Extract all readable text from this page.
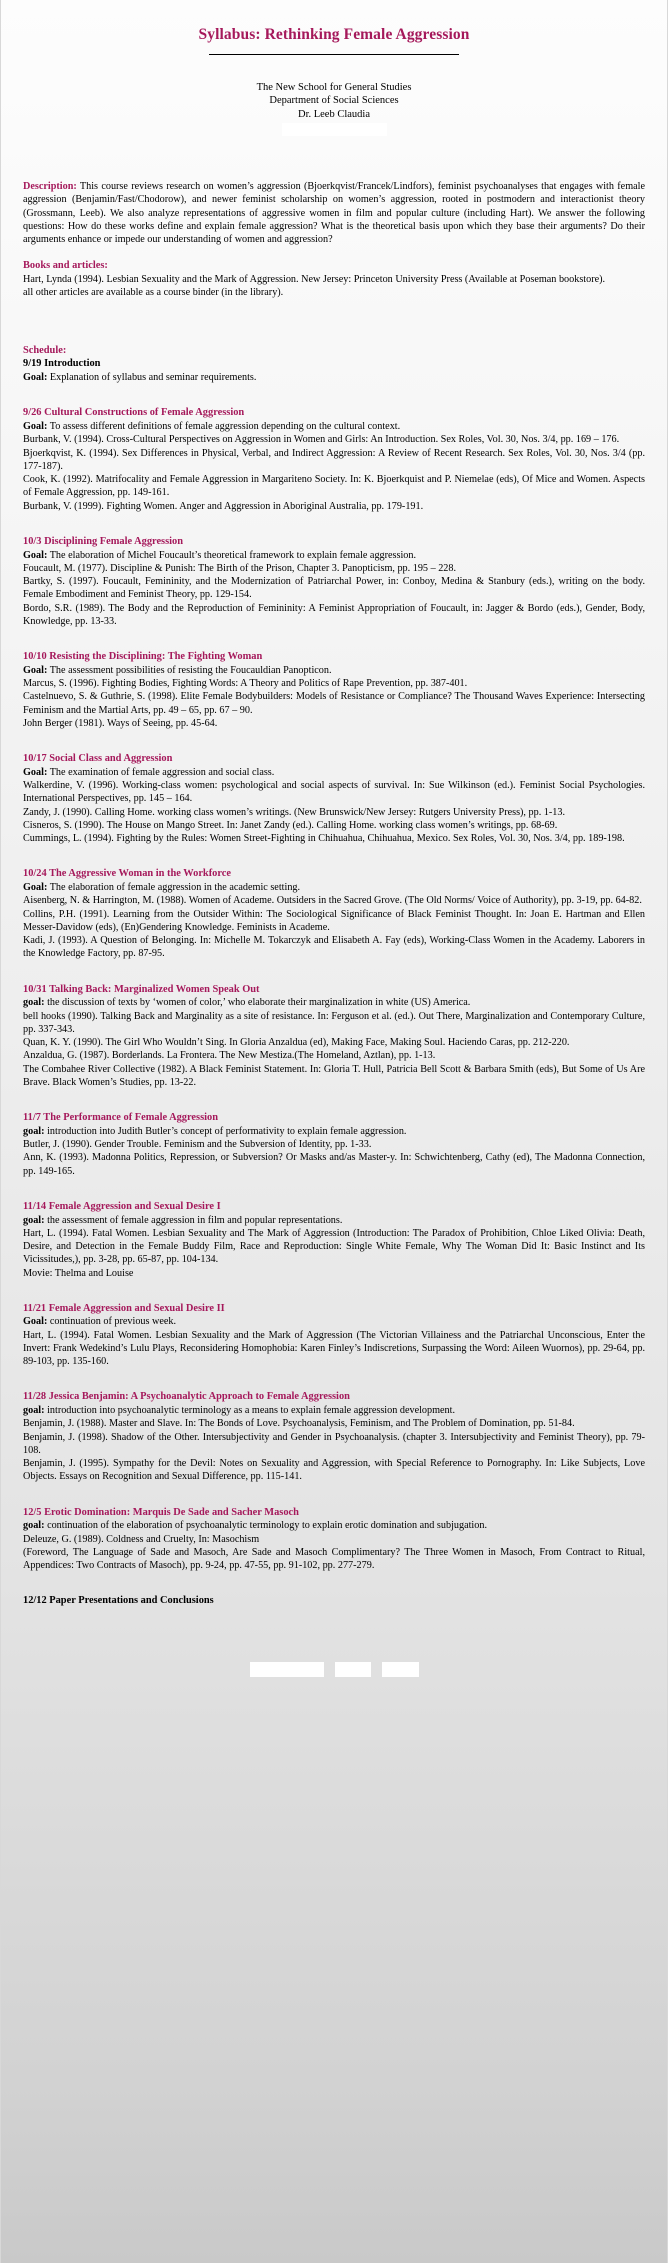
Syllabus: Rethinking Female Aggression
The New School for General Studies
Department of Social Sciences
Dr. Leeb Claudia

Description: This course reviews research on women’s aggression (Bjoerkqvist/Francek/Lindfors), feminist psychoanalyses that engages with female aggression (Benjamin/Fast/Chodorow), and newer feminist scholarship on women’s aggression, rooted in postmodern and interactionist theory (Grossmann, Leeb). We also analyze representations of aggressive women in film and popular culture (including Hart). We answer the following questions: How do these works define and explain female aggression? What is the theoretical basis upon which they base their arguments? Do their arguments enhance or impede our understanding of women and aggression?

Books and articles:

Hart, Lynda (1994). Lesbian Sexuality and the Mark of Aggression. New Jersey: Princeton University Press (Available at Poseman bookstore).

all other articles are available as a course binder (in the library).

Schedule:

9/19 Introduction

Goal: Explanation of syllabus and seminar requirements.

9/26 Cultural Constructions of Female Aggression

Goal: To assess different definitions of female aggression depending on the cultural context.

Burbank, V. (1994). Cross-Cultural Perspectives on Aggression in Women and Girls: An Introduction. Sex Roles, Vol. 30, Nos. 3/4, pp. 169 – 176.

Bjoerkqvist, K. (1994). Sex Differences in Physical, Verbal, and Indirect Aggression: A Review of Recent Research. Sex Roles, Vol. 30, Nos. 3/4 (pp. 177-187).

Cook, K. (1992). Matrifocality and Female Aggression in Margariteno Society. In: K. Bjoerkquist and P. Niemelae (eds), Of Mice and Women. Aspects of Female Aggression, pp. 149-161.

Burbank, V. (1999). Fighting Women. Anger and Aggression in Aboriginal Australia, pp. 179-191.

10/3 Disciplining Female Aggression

Goal: The elaboration of Michel Foucault’s theoretical framework to explain female aggression.

Foucault, M. (1977). Discipline & Punish: The Birth of the Prison, Chapter 3. Panopticism, pp. 195 – 228.

Bartky, S. (1997). Foucault, Femininity, and the Modernization of Patriarchal Power, in: Conboy, Medina & Stanbury (eds.), writing on the body. Female Embodiment and Feminist Theory, pp. 129-154.

Bordo, S.R. (1989). The Body and the Reproduction of Femininity: A Feminist Appropriation of Foucault, in: Jagger & Bordo (eds.), Gender, Body, Knowledge, pp. 13-33.

10/10 Resisting the Disciplining: The Fighting Woman

Goal: The assessment possibilities of resisting the Foucauldian Panopticon.

Marcus, S. (1996). Fighting Bodies, Fighting Words: A Theory and Politics of Rape Prevention, pp. 387-401.

Castelnuevo, S. & Guthrie, S. (1998). Elite Female Bodybuilders: Models of Resistance or Compliance? The Thousand Waves Experience: Intersecting Feminism and the Martial Arts, pp. 49 – 65, pp. 67 – 90.

John Berger (1981). Ways of Seeing, pp. 45-64.

10/17 Social Class and Aggression

Goal: The examination of female aggression and social class.

Walkerdine, V. (1996). Working-class women: psychological and social aspects of survival. In: Sue Wilkinson (ed.). Feminist Social Psychologies. International Perspectives, pp. 145 – 164.

Zandy, J. (1990). Calling Home. working class women’s writings. (New Brunswick/New Jersey: Rutgers University Press), pp. 1-13.

Cisneros, S. (1990). The House on Mango Street. In: Janet Zandy (ed.). Calling Home. working class women’s writings, pp. 68-69.

Cummings, L. (1994). Fighting by the Rules: Women Street-Fighting in Chihuahua, Chihuahua, Mexico. Sex Roles, Vol. 30, Nos. 3/4, pp. 189-198.

10/24 The Aggressive Woman in the Workforce

Goal: The elaboration of female aggression in the academic setting.

Aisenberg, N. & Harrington, M. (1988). Women of Academe. Outsiders in the Sacred Grove. (The Old Norms/ Voice of Authority), pp. 3-19, pp. 64-82.

Collins, P.H. (1991). Learning from the Outsider Within: The Sociological Significance of Black Feminist Thought. In: Joan E. Hartman and Ellen Messer-Davidow (eds), (En)Gendering Knowledge. Feminists in Academe.

Kadi, J. (1993). A Question of Belonging. In: Michelle M. Tokarczyk and Elisabeth A. Fay (eds), Working-Class Women in the Academy. Laborers in the Knowledge Factory, pp. 87-95.

10/31 Talking Back: Marginalized Women Speak Out

goal: the discussion of texts by ‘women of color,’ who elaborate their marginalization in white (US) America.

bell hooks (1990). Talking Back and Marginality as a site of resistance. In: Ferguson et al. (ed.). Out There, Marginalization and Contemporary Culture, pp. 337-343.

Quan, K. Y. (1990). The Girl Who Wouldn’t Sing. In Gloria Anzaldua (ed), Making Face, Making Soul. Haciendo Caras, pp. 212-220.

Anzaldua, G. (1987). Borderlands. La Frontera. The New Mestiza.(The Homeland, Aztlan), pp. 1-13.

The Combahee River Collective (1982). A Black Feminist Statement. In: Gloria T. Hull, Patricia Bell Scott & Barbara Smith (eds), But Some of Us Are Brave. Black Women’s Studies, pp. 13-22.

11/7 The Performance of Female Aggression

goal: introduction into Judith Butler’s concept of performativity to explain female aggression.

Butler, J. (1990). Gender Trouble. Feminism and the Subversion of Identity, pp. 1-33.

Ann, K. (1993). Madonna Politics, Repression, or Subversion? Or Masks and/as Master-y. In: Schwichtenberg, Cathy (ed), The Madonna Connection, pp. 149-165.

11/14 Female Aggression and Sexual Desire I

goal: the assessment of female aggression in film and popular representations.

Hart, L. (1994). Fatal Women. Lesbian Sexuality and The Mark of Aggression (Introduction: The Paradox of Prohibition, Chloe Liked Olivia: Death, Desire, and Detection in the Female Buddy Film, Race and Reproduction: Single White Female, Why The Woman Did It: Basic Instinct and Its Vicissitudes,), pp. 3-28, pp. 65-87, pp. 104-134.

Movie: Thelma and Louise

11/21 Female Aggression and Sexual Desire II

Goal: continuation of previous week.

Hart, L. (1994). Fatal Women. Lesbian Sexuality and the Mark of Aggression (The Victorian Villainess and the Patriarchal Unconscious, Enter the Invert: Frank Wedekind’s Lulu Plays, Reconsidering Homophobia: Karen Finley’s Indiscretions, Surpassing the Word: Aileen Wuornos), pp. 29-64, pp. 89-103, pp. 135-160.

11/28 Jessica Benjamin: A Psychoanalytic Approach to Female Aggression

goal: introduction into psychoanalytic terminology as a means to explain female aggression development.

Benjamin, J. (1988). Master and Slave. In: The Bonds of Love. Psychoanalysis, Feminism, and The Problem of Domination, pp. 51-84.

Benjamin, J. (1998). Shadow of the Other. Intersubjectivity and Gender in Psychoanalysis. (chapter 3. Intersubjectivity and Feminist Theory), pp. 79-108.

Benjamin, J. (1995). Sympathy for the Devil: Notes on Sexuality and Aggression, with Special Reference to Pornography. In: Like Subjects, Love Objects. Essays on Recognition and Sexual Difference, pp. 115-141.

12/5 Erotic Domination: Marquis De Sade and Sacher Masoch

goal: continuation of the elaboration of psychoanalytic terminology to explain erotic domination and subjugation.

Deleuze, G. (1989). Coldness and Cruelty, In: Masochism

(Foreword, The Language of Sade and Masoch, Are Sade and Masoch Complimentary? The Three Women in Masoch, From Contract to Ritual, Appendices: Two Contracts of Masoch), pp. 9-24, pp. 47-55, pp. 91-102, pp. 277-279.

12/12 Paper Presentations and Conclusions
